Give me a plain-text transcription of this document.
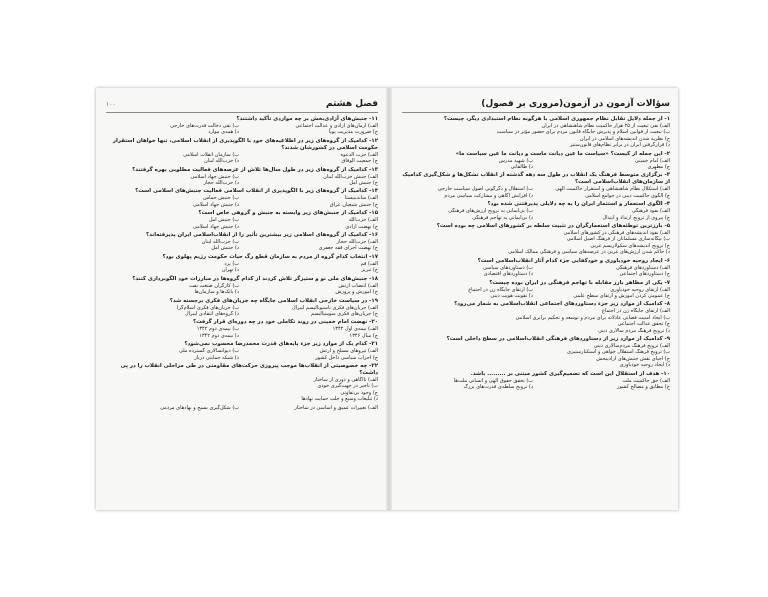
فصل هشتم
۱۰۰
۱۱- جنبش‌های آزادی‌بخش بر چه مواردی تأکید داشتند؟
الف) آرمان‌های آزادی و عدالت اجتماعی
ب) نفی دخالت قدرت‌های خارجی
ج) ضرورت مدیریت پویا
د) همه‌ی موارد
۱۲- کدامیک از گروه‌های زیر در اطلاعیه‌های خود با الگوپذیری از انقلاب اسلامی، تنها خواهان استقرار حکومت اسلامی در کشورشان شدند؟
الف) حزب الدعوه
ب) سازمان انقلاب اسلامی
ج) جمعیت الوفاق
د) حزب‌الله لبنان
۱۳- کدامیک از گروه‌های زیر در طول سال‌ها تلاش از عرصه‌های فعالیت مطلوبی بهره گرفتند؟
الف) جنبش حزب‌الله لبنان
ب) جنبش جهاد اسلامی
ج) جنبش امل
د) حزب‌الله حجاز
۱۴- کدامیک از گروه‌های زیر با الگوپذیری از انقلاب اسلامی فعالیت جنبش‌های اسلامی است؟
الف) ساندینیستا
ب) جنبش حماس
ج) جنبش شیعیان عراق
د) جنبش جهاد اسلامی
۱۵- کدامیک از جنبش‌های زیر وابسته به جنبش و گروهی خاص است؟
الف) حزب‌الله
ب) جنبش امل
ج) نهضت آزادی
د) جنبش جهاد اسلامی
۱۶- کدامیک از گروه‌های اسلامی زیر بیشترین تأثیر را از انقلاب‌اسلامی ایران پذیرفته‌اند؟
الف) حزب‌الله حجاز
ب) حزب‌الله لبنان
ج) نهضت اجرای فقه جعفری
د) جنبش امل
۱۷- انتخاب کدام گروه از مردم به سازمان قطع رگ حیات حکومت رژیم پهلوی بود؟
الف) قم
ب) یزد
ج) تبریز
د) تهران
۱۸- جنبش‌های ملی نو و ستیزگر تلاش کردند از کدام گروه‌ها در مبارزات خود الگوبرداری کنند؟
الف) انتصاب ارتش
ب) کارگران صنعت نفت
ج) آموزش و پرورش
د) بانک‌ها و سازمان‌ها
۱۹- در سیاست خارجی انقلاب اسلامی جایگاه چه جریان‌های فکری برجسته شد؟
الف) جریان‌های فکری ناسیونالیسم لیبرال
ب) جریان‌های فکری اسلام‌گرا
ج) جریان‌های فکری سوسیالیسم
د) گروه‌های انتقادی لیبرال
۲۰- نهضت امام خمینی در روند تکاملی خود در چه دوره‌ای قرار گرفت؟
الف) نیمه‌ی اول ۱۳۴۲
ب) نیمه‌ی دوم ۱۳۴۲
ج) سال ۱۳۴۶
د) نیمه‌ی دوم ۱۳۴۲
۲۱- کدام یک از موارد زیر جزء پایه‌های قدرت محمدرضا محسوب نمی‌شود؟
الف) نیروهای مسلح و ارتش
ب) دیوانسالاری گسترده ملی
ج) احزاب سیاسی داخل کشور
د) شبکه حمایتی دربار
۲۲- چه خصوصیتی از انقلاب‌ها موجب پیروزی حرکت‌های مقاومتی در طی مراحلی انقلاب را در پی داشت؟
الف) ناآگاهی و دوری از ساختار
ب) تأخیر در جهت‌گیری خودی
ج) وجود بی‌تفاوتی
د) تبلیغات وسیع و جلب حمایت نهادها
الف) تغییرات عمیق و اساسی در ساختار
ب) شکل‌گیری بسیج و نهادهای مردمی
سؤالات آزمون در آزمون(مروری بر فصول)
۱- از جمله دلایل تقابل نظام جمهوری اسلامی با هرگونه نظام استبدادی دیگر، چیست؟
الف) نفی تبعیت از ۲۵ هزار حاکمیت نظام شاهنشاهی در ایران
ب) تبعیت از قوانین اسلام و پذیرش جایگاه قانون مردم برای حضور مؤثر در سیاست
ج) نظریه شدن اندیشه‌های اسلامی در ایران
د) قرارگرفتن ایران در برابر نظام‌های قانون‌ستیز
۲- این جمله از کیست؟ «سیاست ما عین دیانت ماست و دیانت ما عین سیاست ما»
الف) امام خمینی
ب) شهید مدرس
ج) مطهری
د) طالقانی
۳- برگزاری متوسط فرهنگ یک انقلاب در طول سه دهه گذشته از انقلاب تشکل‌ها و شکل‌گیری کدامیک از سازمان‌های انقلاب‌اسلامی است؟
الف) استکلال نظام شاهنشاهی و استقرار حاکمیت الهی
ب) استقلال و دگرگونی اصول سیاست خارجی
ج) الگوی حاکمیت دینی در جوامع اسلامی
د) افزایش آگاهی و مشارکت سیاسی مردم
۴- الگوی استعمار و استثمار ایران را به چه دلایلی پذیرفتنی شده بود؟
الف) نفوذ فرهنگی
ب) بی‌ایمانی به ترویج ارزش‌های فرهنگی
ج) پیروی از ترویج ارتداد و ابتذال
د) بی‌ایمانی به تهاجم فرهنگی
۵- بارزترین توطئه‌های استعمارگران در تثبیت سلطه بر کشورهای اسلامی چه بوده است؟
الف) نفوذ اندیشه‌های فرهنگی در کشورهای اسلامی
ب) بیگانه‌سازی مسلمانان از فرهنگ اصیل اسلامی
ج) ترویج اندیشه‌های سکولاریسم غربی
د) حاکم شدن ارزش‌های غربی در عرصه‌های سیاسی و فرهنگی ممالک اسلامی
۶- ایجاد روحیه خودباوری و خودکفایی جزء کدام آثار انقلاب‌اسلامی است؟
الف) دستاوردهای فرهنگی
ب) دستاوردهای سیاسی
ج) دستاوردهای اجتماعی
د) دستاوردهای اقتصادی
۷- یکی از مظاهر بارز مقابله با تهاجم فرهنگی در ایران بوده چیست؟
الف) ارتقای روحیه خودباوری
ب) ارتقای جایگاه زن در اجتماع
ج) عمومی کردن آموزش و ارتقای سطح علمی
د) تقویت هویت دینی
۸- کدامیک از موارد زیر جزء دستاوردهای اجتماعی انقلاب‌اسلامی به شمار می‌رود؟
الف) ارتقای جایگاه زن در اجتماع
ب) ایجاد امنیت قضایی عادلانه برای مردم و توسعه و تحکیم برابری اسلامی
ج) تحقق عدالت اجتماعی
د) ترویج فرهنگ مردم سالاری دینی
۹- کدامیک از موارد زیر از دستاوردهای فرهنگی انقلاب‌اسلامی در سطح داخلی است؟
الف) ترویج فرهنگ مردم‌سالاری دینی
ب) ترویج فرهنگ استقلال خواهی و استکبارستیزی
ج) احیای نقش جنبش‌های آزادیبخش
د) ایجاد روحیه خودباوری
۱۰- هدف از استقلال این است که تصمیم‌گیری کشور مبتنی بر ......... باشد.
الف) حق حاکمیت ملت
ب) تحقق حقوق الهی و انسانی ملت‌ها
ج) مطابق و مصالح کشور
د) ترویج سلطه‌ی قدرت‌های بزرگ
